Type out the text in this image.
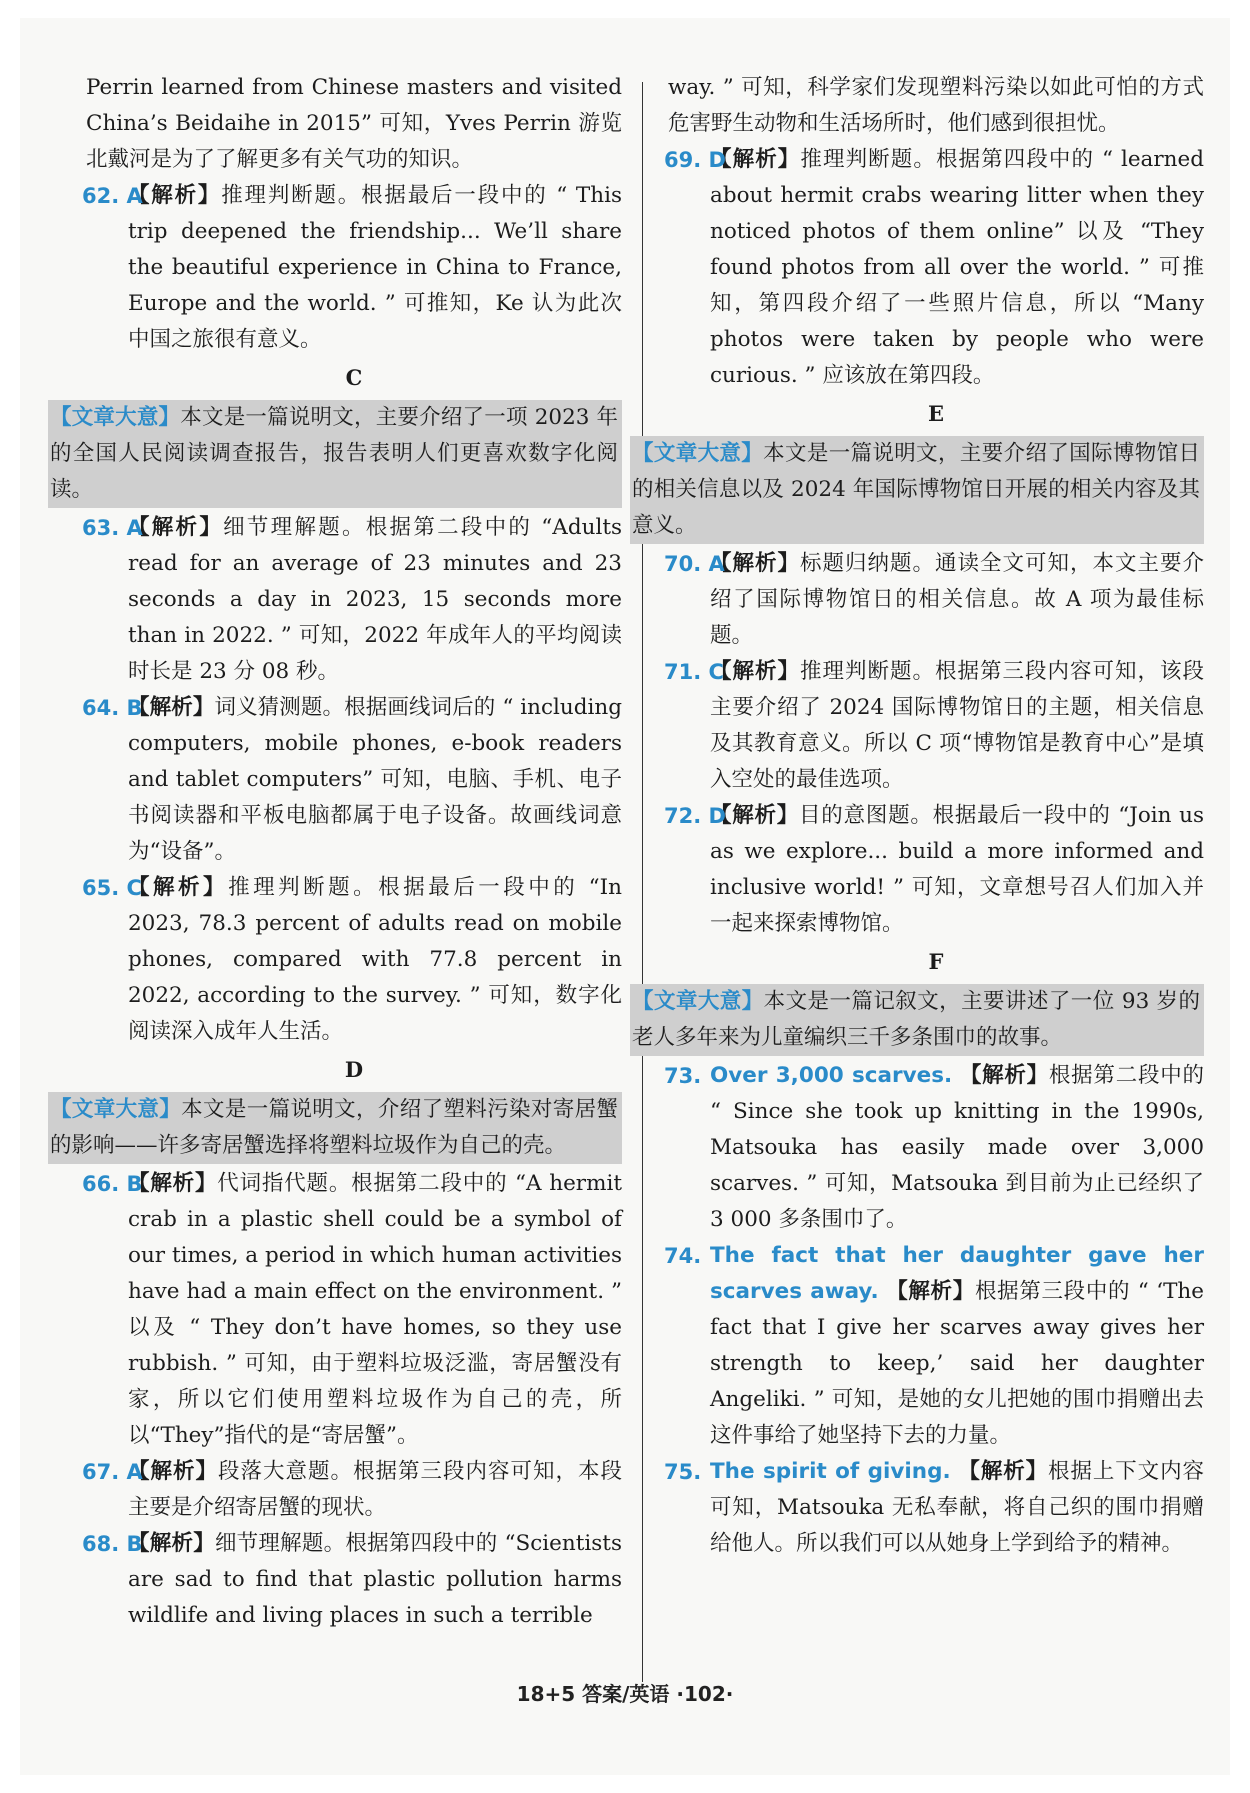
Perrin learned from Chinese masters and visited China’s Beidaihe in 2015” 可知，Yves Perrin 游览北戴河是为了了解更多有关气功的知识。

62. A
【解析】推理判断题。根据最后一段中的 “ This trip deepened the friendship... We’ll share the beautiful experience in China to France, Europe and the world. ” 可推知，Ke 认为此次中国之旅很有意义。

C

【文章大意】本文是一篇说明文，主要介绍了一项 2023 年的全国人民阅读调查报告，报告表明人们更喜欢数字化阅读。

63. A
【解析】细节理解题。根据第二段中的 “Adults read for an average of 23 minutes and 23 seconds a day in 2023, 15 seconds more than in 2022. ” 可知，2022 年成年人的平均阅读时长是 23 分 08 秒。

64. B
【解析】词义猜测题。根据画线词后的 “ including computers, mobile phones, e-book readers and tablet computers” 可知，电脑、手机、电子书阅读器和平板电脑都属于电子设备。故画线词意为“设备”。

65. C
【解析】推理判断题。根据最后一段中的 “In 2023, 78.3 percent of adults read on mobile phones, compared with 77.8 percent in 2022, according to the survey. ” 可知，数字化阅读深入成年人生活。

D

【文章大意】本文是一篇说明文，介绍了塑料污染对寄居蟹的影响——许多寄居蟹选择将塑料垃圾作为自己的壳。

66. B
【解析】代词指代题。根据第二段中的 “A hermit crab in a plastic shell could be a symbol of our times, a period in which human activities have had a main effect on the environment. ” 以及 “ They don’t have homes, so they use rubbish. ” 可知，由于塑料垃圾泛滥，寄居蟹没有家，所以它们使用塑料垃圾作为自己的壳，所以“They”指代的是“寄居蟹”。

67. A
【解析】段落大意题。根据第三段内容可知，本段主要是介绍寄居蟹的现状。

68. B
【解析】细节理解题。根据第四段中的 “Scientists are sad to find that plastic pollution harms wildlife and living places in such a terrible

way. ” 可知，科学家们发现塑料污染以如此可怕的方式危害野生动物和生活场所时，他们感到很担忧。

69. D
【解析】推理判断题。根据第四段中的 “ learned about hermit crabs wearing litter when they noticed photos of them online” 以及 “They found photos from all over the world. ” 可推知，第四段介绍了一些照片信息，所以 “Many photos were taken by people who were curious. ” 应该放在第四段。

E

【文章大意】本文是一篇说明文，主要介绍了国际博物馆日的相关信息以及 2024 年国际博物馆日开展的相关内容及其意义。

70. A
【解析】标题归纳题。通读全文可知，本文主要介绍了国际博物馆日的相关信息。故 A 项为最佳标题。

71. C
【解析】推理判断题。根据第三段内容可知，该段主要介绍了 2024 国际博物馆日的主题，相关信息及其教育意义。所以 C 项“博物馆是教育中心”是填入空处的最佳选项。

72. D
【解析】目的意图题。根据最后一段中的 “Join us as we explore... build a more informed and inclusive world! ” 可知，文章想号召人们加入并一起来探索博物馆。

F

【文章大意】本文是一篇记叙文，主要讲述了一位 93 岁的老人多年来为儿童编织三千多条围巾的故事。

73. Over 3,000 scarves. 【解析】根据第二段中的 “ Since she took up knitting in the 1990s, Matsouka has easily made over 3,000 scarves. ” 可知，Matsouka 到目前为止已经织了 3 000 多条围巾了。

74. The fact that her daughter gave her scarves away. 【解析】根据第三段中的 “ ‘The fact that I give her scarves away gives her strength to keep,’ said her daughter Angeliki. ” 可知，是她的女儿把她的围巾捐赠出去这件事给了她坚持下去的力量。

75. The spirit of giving. 【解析】根据上下文内容可知，Matsouka 无私奉献，将自己织的围巾捐赠给他人。所以我们可以从她身上学到给予的精神。

18+5 答案/英语 ·102·
